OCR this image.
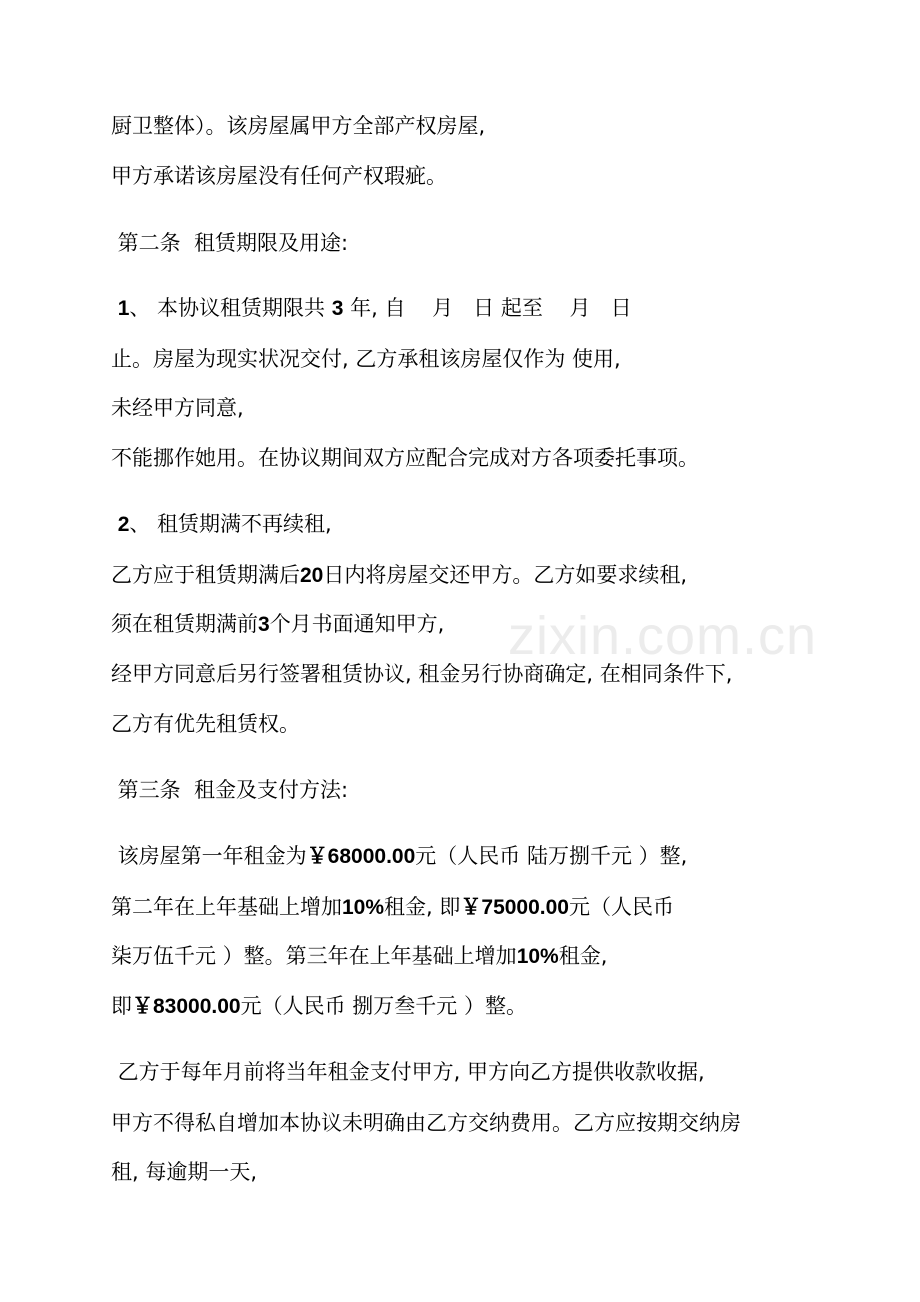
zixin.com.cn
厨卫整体）。该房屋属甲方全部产权房屋,
甲方承诺该房屋没有任何产权瑕疵。
第二条  租赁期限及用途:
1、 本协议租赁期限共 3 年, 自    月   日 起至    月   日
止。房屋为现实状况交付, 乙方承租该房屋仅作为 使用,
未经甲方同意,
不能挪作她用。在协议期间双方应配合完成对方各项委托事项。
2、 租赁期满不再续租,
乙方应于租赁期满后20日内将房屋交还甲方。乙方如要求续租,
须在租赁期满前3个月书面通知甲方,
经甲方同意后另行签署租赁协议, 租金另行协商确定, 在相同条件下,
乙方有优先租赁权。
第三条  租金及支付方法:
该房屋第一年租金为￥68000.00元（人民币 陆万捌千元 ）整,
第二年在上年基础上增加10%租金, 即￥75000.00元（人民币
柒万伍千元 ）整。第三年在上年基础上增加10%租金,
即￥83000.00元（人民币 捌万叁千元 ）整。
乙方于每年月前将当年租金支付甲方, 甲方向乙方提供收款收据,
甲方不得私自增加本协议未明确由乙方交纳费用。乙方应按期交纳房
租, 每逾期一天,
